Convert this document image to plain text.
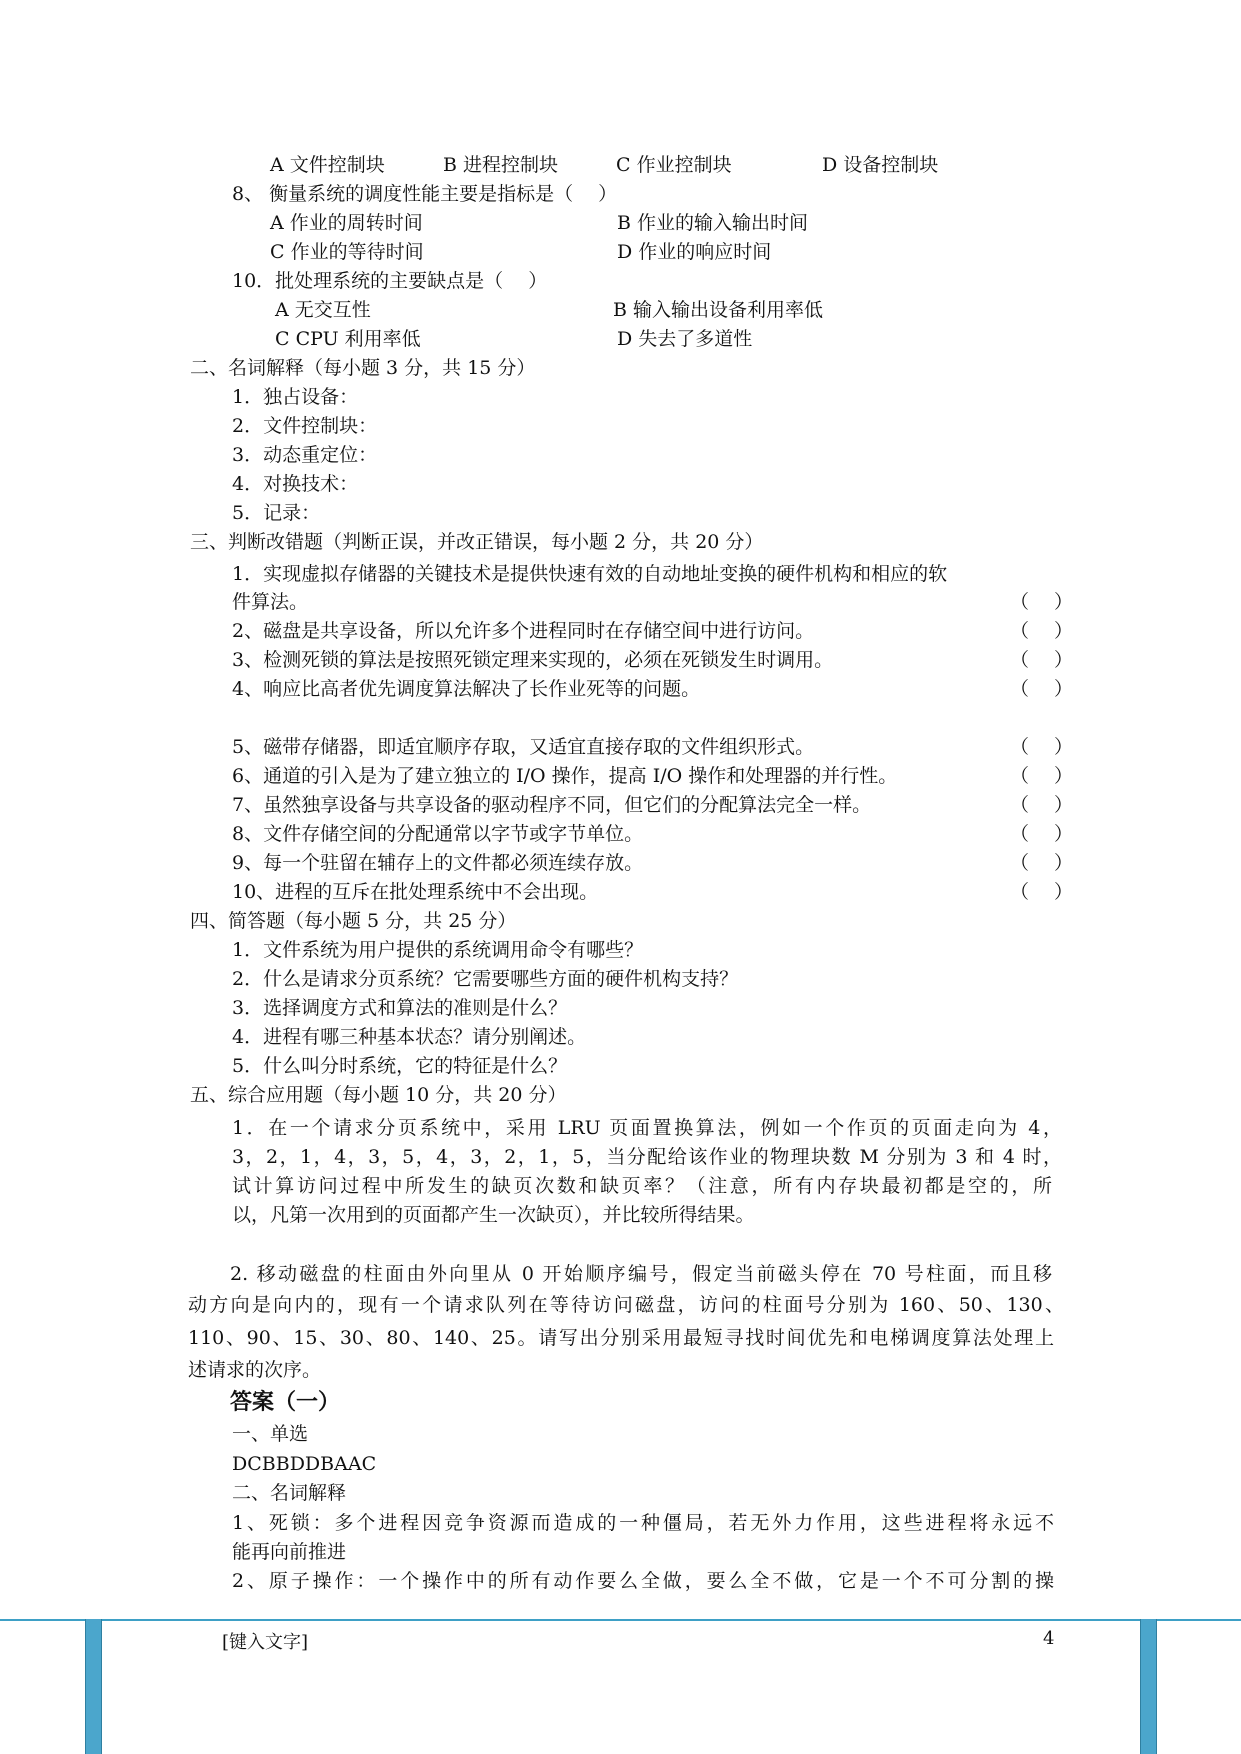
A 文件控制块	B 进程控制块	C 作业控制块	D 设备控制块
8、 衡量系统的调度性能主要是指标是（　 ）
A 作业的周转时间	B 作业的输入输出时间
C 作业的等待时间	D 作业的响应时间
10．批处理系统的主要缺点是（　 ）
A 无交互性	B 输入输出设备利用率低
C CPU 利用率低	D 失去了多道性
二、名词解释（每小题 3 分，共 15 分）
1．独占设备：
2．文件控制块：
3．动态重定位：
4．对换技术：
5．记录：
三、判断改错题（判断正误，并改正错误，每小题 2 分，共 20 分）
1．实现虚拟存储器的关键技术是提供快速有效的自动地址变换的硬件机构和相应的软
件算法。	（　 ）
2、磁盘是共享设备，所以允许多个进程同时在存储空间中进行访问。	（　 ）
3、检测死锁的算法是按照死锁定理来实现的，必须在死锁发生时调用。	（　 ）
4、响应比高者优先调度算法解决了长作业死等的问题。	（　 ）
5、磁带存储器，即适宜顺序存取，又适宜直接存取的文件组织形式。	（　 ）
6、通道的引入是为了建立独立的 I/O 操作，提高 I/O 操作和处理器的并行性。	（　 ）
7、虽然独享设备与共享设备的驱动程序不同，但它们的分配算法完全一样。	（　 ）
8、文件存储空间的分配通常以字节或字节单位。	（　 ）
9、每一个驻留在辅存上的文件都必须连续存放。	（　 ）
10、进程的互斥在批处理系统中不会出现。	（　 ）
四、简答题（每小题 5 分，共 25 分）
1．文件系统为用户提供的系统调用命令有哪些？
2．什么是请求分页系统？它需要哪些方面的硬件机构支持？
3．选择调度方式和算法的准则是什么？
4．进程有哪三种基本状态？请分别阐述。
5．什么叫分时系统，它的特征是什么？
五、综合应用题（每小题 10 分，共 20 分）
1．在一个请求分页系统中，采用 LRU 页面置换算法，例如一个作页的页面走向为 4，
3，2，1，4，3，5，4，3，2，1，5，当分配给该作业的物理块数 M 分别为 3 和 4 时，
试计算访问过程中所发生的缺页次数和缺页率？（注意，所有内存块最初都是空的，所
以，凡第一次用到的页面都产生一次缺页），并比较所得结果。
2. 移动磁盘的柱面由外向里从 0 开始顺序编号，假定当前磁头停在 70 号柱面，而且移
动方向是向内的，现有一个请求队列在等待访问磁盘，访问的柱面号分别为 160、50、130、
110、90、15、30、80、140、25。请写出分别采用最短寻找时间优先和电梯调度算法处理上
述请求的次序。
答案（一）
一、单选
DCBBDDBAAC
二、名词解释
1、死锁：多个进程因竞争资源而造成的一种僵局，若无外力作用，这些进程将永远不
能再向前推进
2、原子操作：一个操作中的所有动作要么全做，要么全不做，它是一个不可分割的操
[键入文字]	4
